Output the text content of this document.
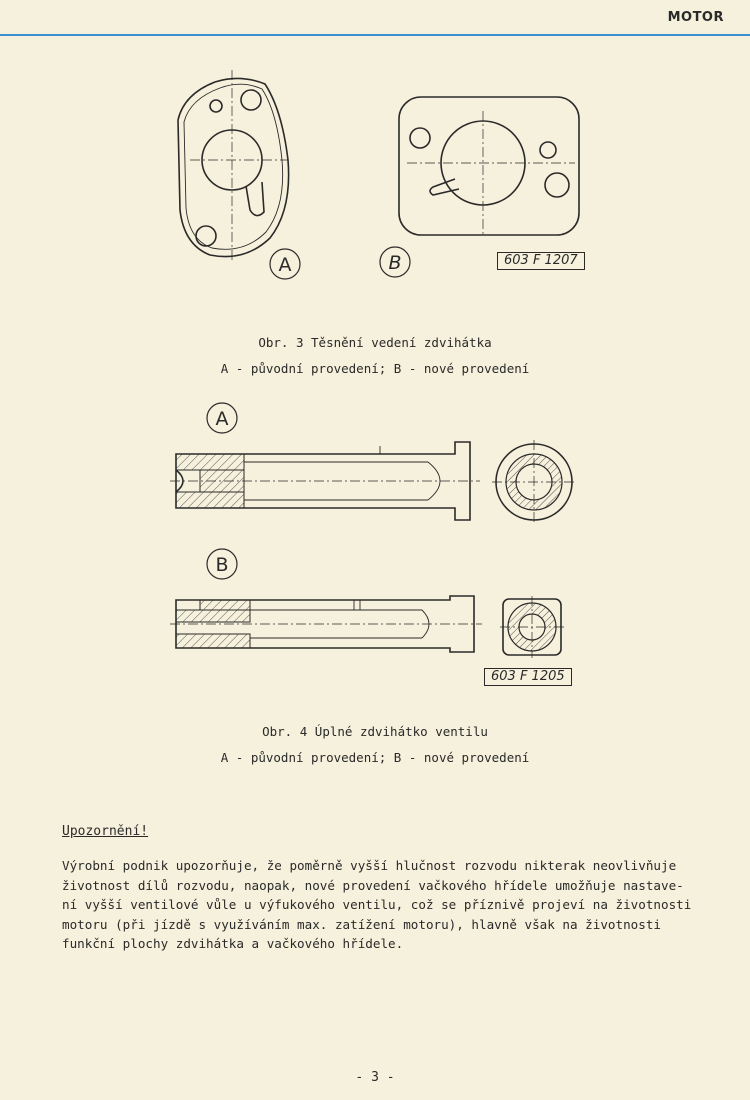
MOTOR
A	B	603 F 1207
Obr. 3 Těsnění vedení zdvihátka
A - původní provedení; B - nové provedení
A
B
603 F 1205
Obr. 4 Úplné zdvihátko ventilu
A - původní provedení; B - nové provedení
Upozornění!
Výrobní podnik upozorňuje, že poměrně vyšší hlučnost rozvodu nikterak neovlivňuje
životnost dílů rozvodu, naopak, nové provedení vačkového hřídele umožňuje nastave-
ní vyšší ventilové vůle u výfukového ventilu, což se příznivě projeví na životnosti
motoru (při jízdě s využíváním max. zatížení motoru), hlavně však na životnosti
funkční plochy zdvihátka a vačkového hřídele.
- 3 -
